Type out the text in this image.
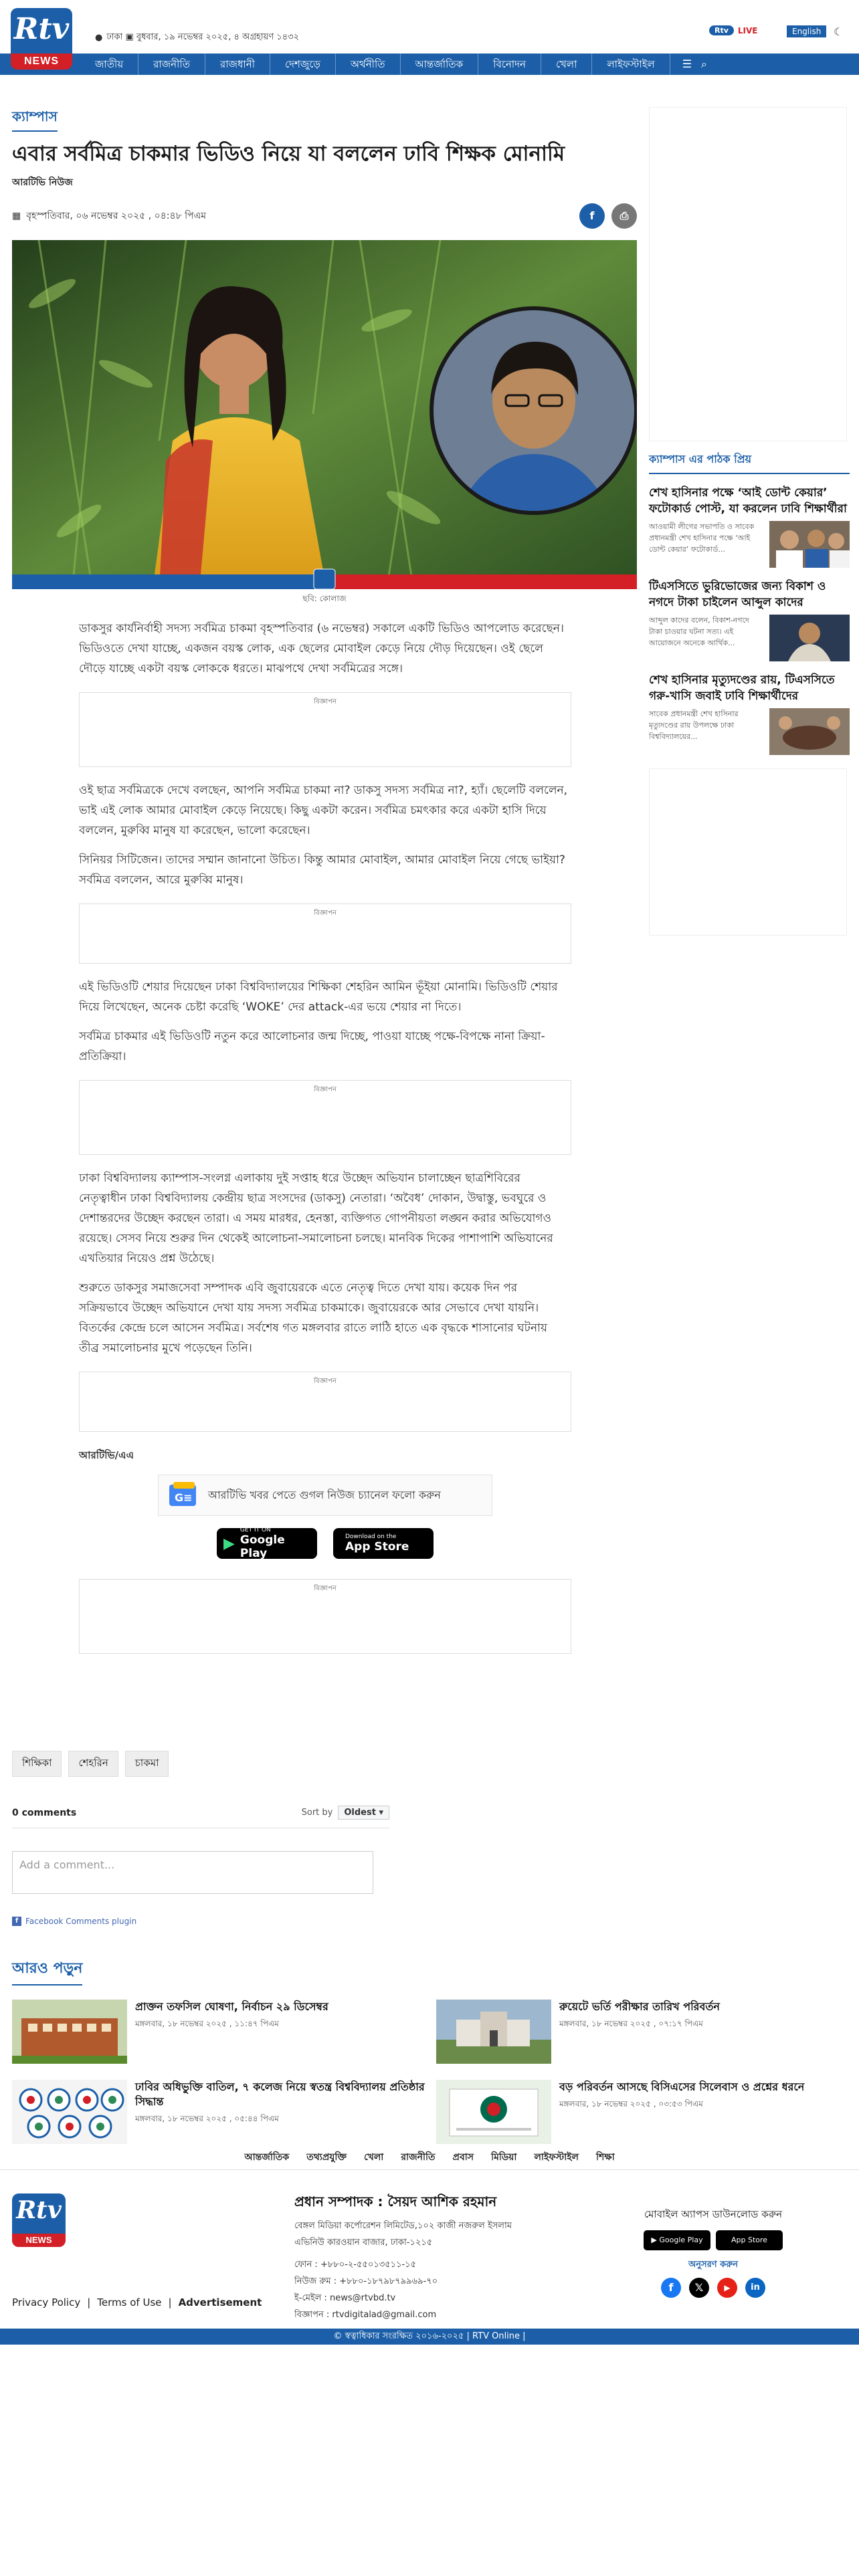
● ঢাকা ▣ বুধবার, ১৯ নভেম্বর ২০২৫, ৪ অগ্রহায়ণ ১৪৩২
Rtv	LIVE	English	☾
Rtv
NEWS	জাতীয়	রাজনীতি	রাজধানী	দেশজুড়ে	অর্থনীতি	আন্তর্জাতিক	বিনোদন	খেলা	লাইফস্টাইল	☰ ⌕
ক্যাম্পাস
এবার সর্বমিত্র চাকমার ভিডিও নিয়ে যা বললেন ঢাবি শিক্ষক মোনামি
আরটিভি নিউজ
▦ বৃহস্পতিবার, ০৬ নভেম্বর ২০২৫ , ০৪:৪৮ পিএম	f	⎙
ছবি: কোলাজ

ডাকসুর কার্যনির্বাহী সদস্য সর্বমিত্র চাকমা বৃহস্পতিবার (৬ নভেম্বর) সকালে একটি ভিডিও আপলোড করেছেন। ভিডিওতে দেখা যাচ্ছে, একজন বয়স্ক লোক, এক ছেলের মোবাইল কেড়ে নিয়ে দৌড় দিয়েছেন। ওই ছেলে দৌড়ে যাচ্ছে একটা বয়স্ক লোককে ধরতে। মাঝপথে দেখা সর্বমিত্রের সঙ্গে।

বিজ্ঞাপন

ওই ছাত্র সর্বমিত্রকে দেখে বলছেন, আপনি সর্বমিত্র চাকমা না? ডাকসু সদস্য সর্বমিত্র না?, হ্যাঁ। ছেলেটি বললেন, ভাই এই লোক আমার মোবাইল কেড়ে নিয়েছে। কিছু একটা করেন। সর্বমিত্র চমৎকার করে একটা হাসি দিয়ে বললেন, মুরুব্বি মানুষ যা করেছেন, ভালো করেছেন।

সিনিয়র সিটিজেন। তাদের সম্মান জানানো উচিত। কিন্তু আমার মোবাইল, আমার মোবাইল নিয়ে গেছে ভাইয়া? সর্বমিত্র বললেন, আরে মুরুব্বি মানুষ।

বিজ্ঞাপন

এই ভিডিওটি শেয়ার দিয়েছেন ঢাকা বিশ্ববিদ্যালয়ের শিক্ষিকা শেহরিন আমিন ভূঁইয়া মোনামি। ভিডিওটি শেয়ার দিয়ে লিখেছেন, অনেক চেষ্টা করেছি ‘WOKE’ দের attack-এর ভয়ে শেয়ার না দিতে।

সর্বমিত্র চাকমার এই ভিডিওটি নতুন করে আলোচনার জন্ম দিচ্ছে, পাওয়া যাচ্ছে পক্ষে-বিপক্ষে নানা ক্রিয়া-প্রতিক্রিয়া।

বিজ্ঞাপন

ঢাকা বিশ্ববিদ্যালয় ক্যাম্পাস-সংলগ্ন এলাকায় দুই সপ্তাহ ধরে উচ্ছেদ অভিযান চালাচ্ছেন ছাত্রশিবিরের নেতৃত্বাধীন ঢাকা বিশ্ববিদ্যালয় কেন্দ্রীয় ছাত্র সংসদের (ডাকসু) নেতারা। ‘অবৈধ’ দোকান, উদ্বাস্তু, ভবঘুরে ও দেশান্তরদের উচ্ছেদ করছেন তারা। এ সময় মারধর, হেনস্তা, ব্যক্তিগত গোপনীয়তা লঙ্ঘন করার অভিযোগও রয়েছে। সেসব নিয়ে শুরুর দিন থেকেই আলোচনা-সমালোচনা চলছে। মানবিক দিকের পাশাপাশি অভিযানের এখতিয়ার নিয়েও প্রশ্ন উঠেছে।

শুরুতে ডাকসুর সমাজসেবা সম্পাদক এবি জুবায়েরকে এতে নেতৃত্ব দিতে দেখা যায়। কয়েক দিন পর সক্রিয়ভাবে উচ্ছেদ অভিযানে দেখা যায় সদস্য সর্বমিত্র চাকমাকে। জুবায়েরকে আর সেভাবে দেখা যায়নি। বিতর্কের কেন্দ্রে চলে আসেন সর্বমিত্র। সর্বশেষ গত মঙ্গলবার রাতে লাঠি হাতে এক বৃদ্ধকে শাসানোর ঘটনায় তীব্র সমালোচনার মুখে পড়েছেন তিনি।

বিজ্ঞাপন
আরটিভি/এএ
G≡ আরটিভি খবর পেতে গুগল নিউজ চ্যানেল ফলো করুন
▶
GET IT ON
Google Play
Download on the
App Store
বিজ্ঞাপন
শিক্ষিকা	শেহরিন	চাকমা
0 comments	Sort by	Oldest ▾
Add a comment...
f Facebook Comments plugin
আরও পড়ুন
প্রাক্তন তফসিল ঘোষণা, নির্বাচন ২৯ ডিসেম্বর
মঙ্গলবার, ১৮ নভেম্বর ২০২৫ , ১১:৪৭ পিএম
রুয়েটে ভর্তি পরীক্ষার তারিখ পরিবর্তন
মঙ্গলবার, ১৮ নভেম্বর ২০২৫ , ০৭:১৭ পিএম
ঢাবির অধিভুক্তি বাতিল, ৭ কলেজ নিয়ে স্বতন্ত্র বিশ্ববিদ্যালয় প্রতিষ্ঠার সিদ্ধান্ত
মঙ্গলবার, ১৮ নভেম্বর ২০২৫ , ০৫:৪৪ পিএম
বড় পরিবর্তন আসছে বিসিএসের সিলেবাস ও প্রশ্নের ধরনে
মঙ্গলবার, ১৮ নভেম্বর ২০২৫ , ০৩:৫৩ পিএম
ক্যাম্পাস এর পাঠক প্রিয়
শেখ হাসিনার পক্ষে ‘আই ডোন্ট কেয়ার’ ফটোকার্ড পোস্ট, যা করলেন ঢাবি শিক্ষার্থীরা
আওয়ামী লীগের সভাপতি ও সাবেক প্রধানমন্ত্রী শেখ হাসিনার পক্ষে ‘আই ডোন্ট কেয়ার’ ফটোকার্ড...
টিএসসিতে ভুরিভোজের জন্য বিকাশ ও নগদে টাকা চাইলেন আব্দুল কাদের
আব্দুল কাদের বলেন, বিকাশ-নগদে টাকা চাওয়ার ঘটনা সত্য। এই আয়োজনে অনেকে আর্থিক...
শেখ হাসিনার মৃত্যুদণ্ডের রায়, টিএসসিতে গরু-খাসি জবাই ঢাবি শিক্ষার্থীদের
সাবেক প্রধানমন্ত্রী শেখ হাসিনার মৃত্যুদণ্ডের রায় উপলক্ষে ঢাকা বিশ্ববিদ্যালয়ের...
আন্তর্জাতিক তথ্যপ্রযুক্তি খেলা রাজনীতি প্রবাস মিডিয়া লাইফস্টাইল শিক্ষা
Rtv
NEWS
Privacy Policy | Terms of Use | Advertisement
প্রধান সম্পাদক : সৈয়দ আশিক রহমান
বেঙ্গল মিডিয়া কর্পোরেশন লিমিটেড,১০২ কাজী নজরুল ইসলাম
এভিনিউ কারওয়ান বাজার, ঢাকা-১২১৫
ফোন : +৮৮০-২-৫৫০১৩৫১১-১৫
নিউজ রুম : +৮৮০-১৮৭৯৮৭৯৯৬৯-৭০
ই-মেইল : news@rtvbd.tv
বিজ্ঞাপন : rtvdigitalad@gmail.com
মোবাইল অ্যাপস ডাউনলোড করুন
▶ Google Play	App Store
অনুসরণ করুন
f	𝕏	▶	in
© স্বত্বাধিকার সংরক্ষিত ২০১৬-২০২৫ | RTV Online |
